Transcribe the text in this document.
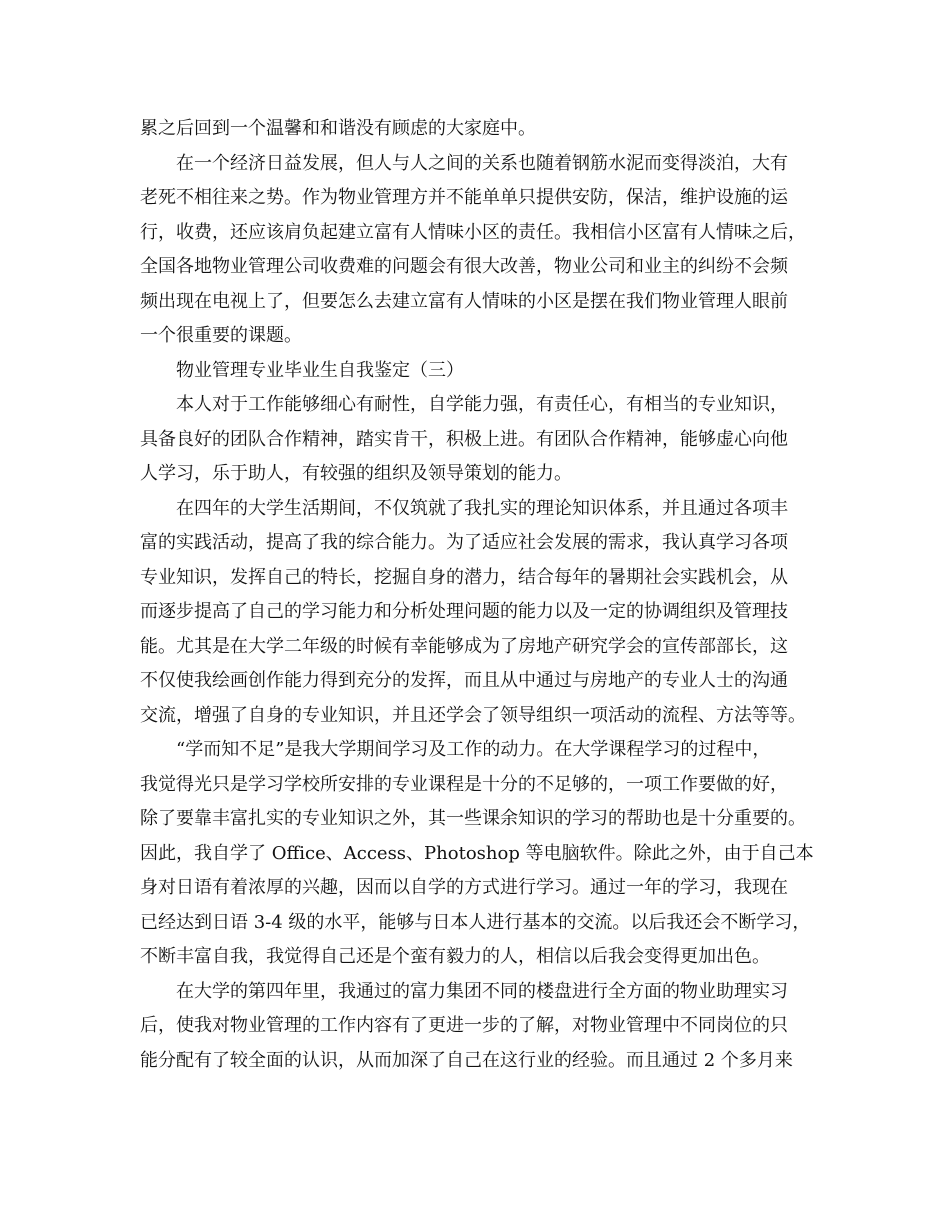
累之后回到一个温馨和和谐没有顾虑的大家庭中。
在一个经济日益发展，但人与人之间的关系也随着钢筋水泥而变得淡泊，大有
老死不相往来之势。作为物业管理方并不能单单只提供安防，保洁，维护设施的运
行，收费，还应该肩负起建立富有人情味小区的责任。我相信小区富有人情味之后，
全国各地物业管理公司收费难的问题会有很大改善，物业公司和业主的纠纷不会频
频出现在电视上了，但要怎么去建立富有人情味的小区是摆在我们物业管理人眼前
一个很重要的课题。
物业管理专业毕业生自我鉴定（三）
本人对于工作能够细心有耐性，自学能力强，有责任心，有相当的专业知识，
具备良好的团队合作精神，踏实肯干，积极上进。有团队合作精神，能够虚心向他
人学习，乐于助人，有较强的组织及领导策划的能力。
在四年的大学生活期间，不仅筑就了我扎实的理论知识体系，并且通过各项丰
富的实践活动，提高了我的综合能力。为了适应社会发展的需求，我认真学习各项
专业知识，发挥自己的特长，挖掘自身的潜力，结合每年的暑期社会实践机会，从
而逐步提高了自己的学习能力和分析处理问题的能力以及一定的协调组织及管理技
能。尤其是在大学二年级的时候有幸能够成为了房地产研究学会的宣传部部长，这
不仅使我绘画创作能力得到充分的发挥，而且从中通过与房地产的专业人士的沟通
交流，增强了自身的专业知识，并且还学会了领导组织一项活动的流程、方法等等。
“学而知不足”是我大学期间学习及工作的动力。在大学课程学习的过程中，
我觉得光只是学习学校所安排的专业课程是十分的不足够的，一项工作要做的好，
除了要靠丰富扎实的专业知识之外，其一些课余知识的学习的帮助也是十分重要的。
因此，我自学了 Office、Access、Photoshop 等电脑软件。除此之外，由于自己本
身对日语有着浓厚的兴趣，因而以自学的方式进行学习。通过一年的学习，我现在
已经达到日语 3-4 级的水平，能够与日本人进行基本的交流。以后我还会不断学习，
不断丰富自我，我觉得自己还是个蛮有毅力的人，相信以后我会变得更加出色。
在大学的第四年里，我通过的富力集团不同的楼盘进行全方面的物业助理实习
后，使我对物业管理的工作内容有了更进一步的了解，对物业管理中不同岗位的只
能分配有了较全面的认识，从而加深了自己在这行业的经验。而且通过 2 个多月来
